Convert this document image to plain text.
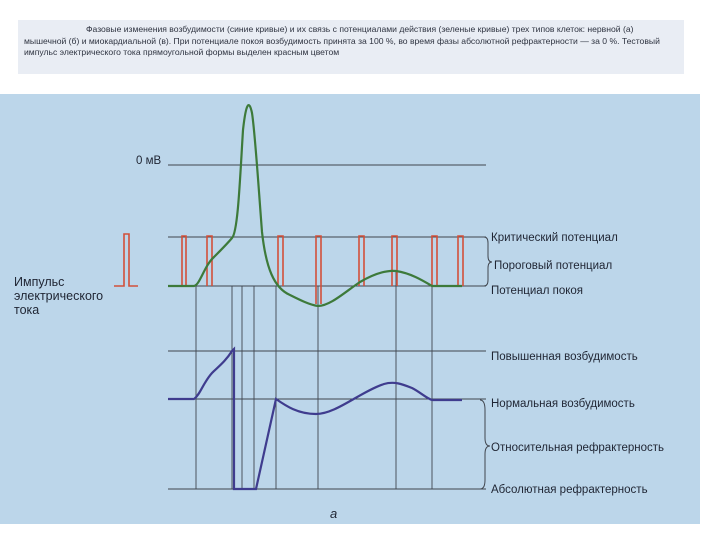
Фазовые изменения возбудимости (синие кривые) и их связь с потенциалами действия (зеленые кривые) трех типов клеток: нервной (а) мышечной (б) и миокардиальной (в). При потенциале покоя возбудимость принята за 100 %, во время фазы абсолютной рефрактерности — за 0 %. Тестовый импульс электрического тока прямоугольной формы выделен красным цветом
0 мВ
Импульс электрического тока
Критический потенциал
Пороговый потенциал
Потенциал покоя
Повышенная возбудимость
Нормальная возбудимость
Относительная рефрактерность
Абсолютная рефрактерность
а
